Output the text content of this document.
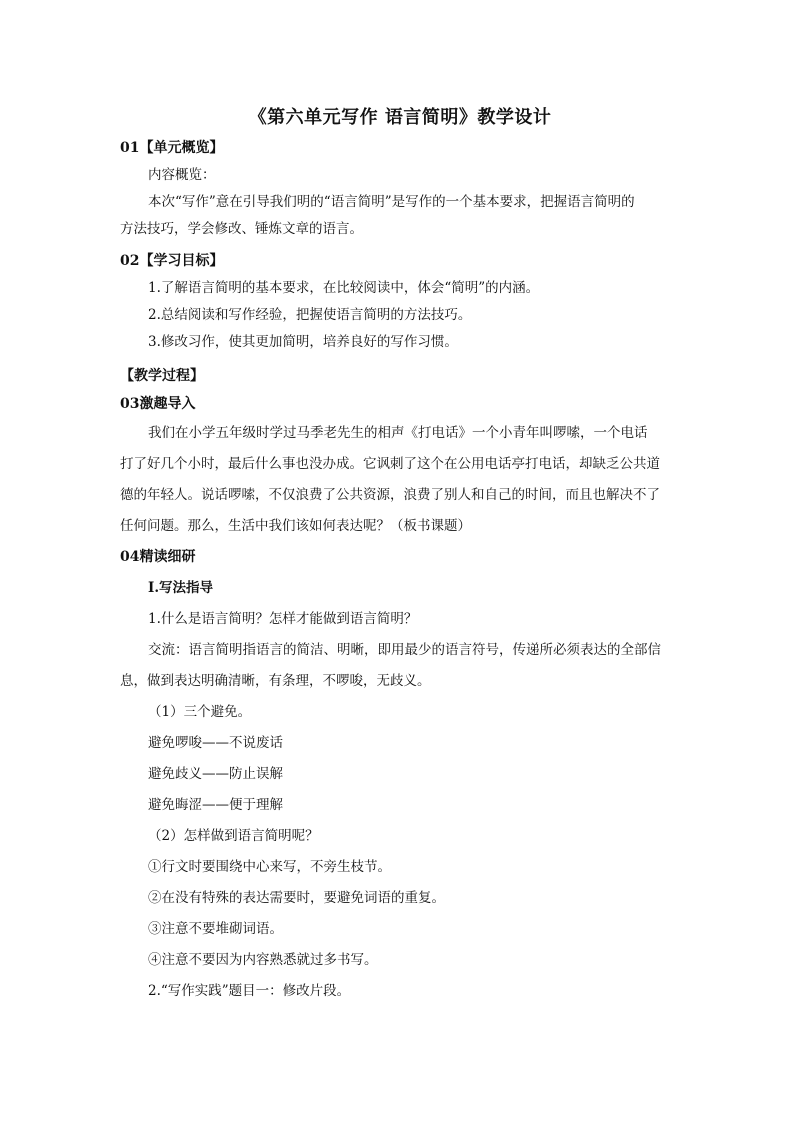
《第六单元写作 语言简明》教学设计
01【单元概览】
内容概览：
本次“写作”意在引导我们明的“语言简明”是写作的一个基本要求，把握语言简明的
方法技巧，学会修改、锤炼文章的语言。
02【学习目标】
1.了解语言简明的基本要求，在比较阅读中，体会“简明”的内涵。
2.总结阅读和写作经验，把握使语言简明的方法技巧。
3.修改习作，使其更加简明，培养良好的写作习惯。
【教学过程】
03激趣导入
我们在小学五年级时学过马季老先生的相声《打电话》一个小青年叫啰嗦，一个电话
打了好几个小时，最后什么事也没办成。它讽刺了这个在公用电话亭打电话，却缺乏公共道
德的年轻人。说话啰嗦，不仅浪费了公共资源，浪费了别人和自己的时间，而且也解决不了
任何问题。那么，生活中我们该如何表达呢？（板书课题）
04精读细研
Ⅰ.写法指导
1.什么是语言简明？怎样才能做到语言简明？
交流：语言简明指语言的简洁、明晰，即用最少的语言符号，传递所必须表达的全部信
息，做到表达明确清晰，有条理，不啰唆，无歧义。
（1）三个避免。
避免啰唆——不说废话
避免歧义——防止误解
避免晦涩——便于理解
（2）怎样做到语言简明呢？
①行文时要围绕中心来写，不旁生枝节。
②在没有特殊的表达需要时，要避免词语的重复。
③注意不要堆砌词语。
④注意不要因为内容熟悉就过多书写。
2.“写作实践”题目一：修改片段。
